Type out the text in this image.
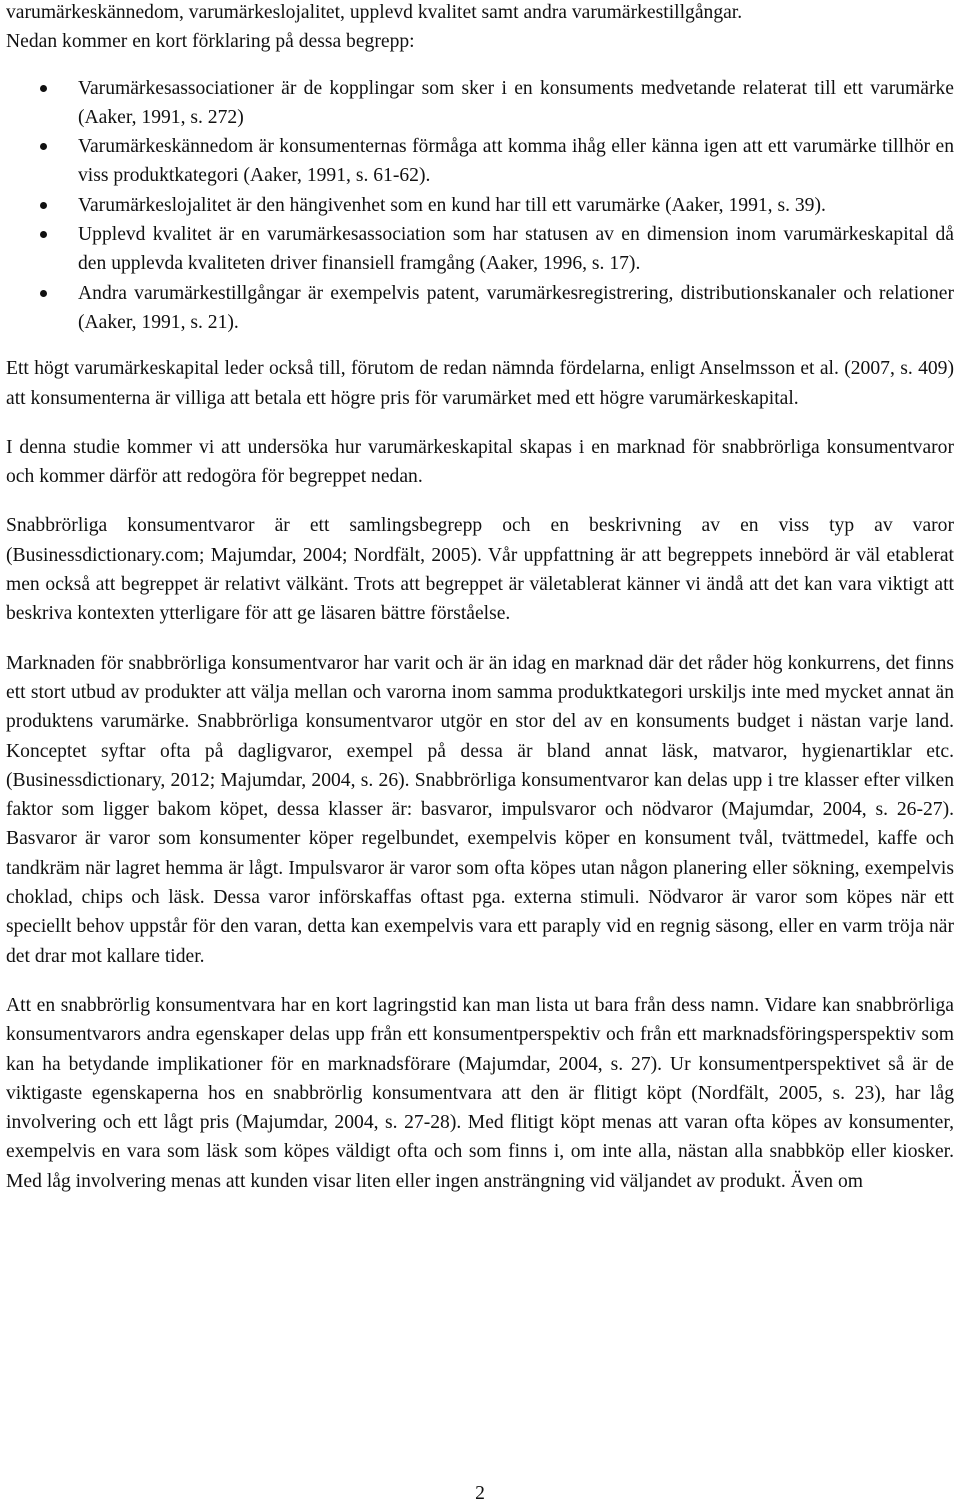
varumärkeskännedom, varumärkeslojalitet, upplevd kvalitet samt andra varumärkestillgångar.

Nedan kommer en kort förklaring på dessa begrepp:

Varumärkesassociationer är de kopplingar som sker i en konsuments medvetande relaterat till ett varumärke (Aaker, 1991, s. 272)
Varumärkeskännedom är konsumenternas förmåga att komma ihåg eller känna igen att ett varumärke tillhör en viss produktkategori (Aaker, 1991, s. 61-62).
Varumärkeslojalitet är den hängivenhet som en kund har till ett varumärke (Aaker, 1991, s. 39).
Upplevd kvalitet är en varumärkesassociation som har statusen av en dimension inom varumärkeskapital då den upplevda kvaliteten driver finansiell framgång (Aaker, 1996, s. 17).
Andra varumärkestillgångar är exempelvis patent, varumärkesregistrering, distributionskanaler och relationer (Aaker, 1991, s. 21).

Ett högt varumärkeskapital leder också till, förutom de redan nämnda fördelarna, enligt Anselmsson et al. (2007, s. 409) att konsumenterna är villiga att betala ett högre pris för varumärket med ett högre varumärkeskapital.

I denna studie kommer vi att undersöka hur varumärkeskapital skapas i en marknad för snabbrörliga konsumentvaror och kommer därför att redogöra för begreppet nedan.

Snabbrörliga konsumentvaror är ett samlingsbegrepp och en beskrivning av en viss typ av varor (Businessdictionary.com; Majumdar, 2004; Nordfält, 2005). Vår uppfattning är att begreppets innebörd är väl etablerat men också att begreppet är relativt välkänt. Trots att begreppet är väletablerat känner vi ändå att det kan vara viktigt att beskriva kontexten ytterligare för att ge läsaren bättre förståelse.

Marknaden för snabbrörliga konsumentvaror har varit och är än idag en marknad där det råder hög konkurrens, det finns ett stort utbud av produkter att välja mellan och varorna inom samma produktkategori urskiljs inte med mycket annat än produktens varumärke. Snabbrörliga konsumentvaror utgör en stor del av en konsuments budget i nästan varje land. Konceptet syftar ofta på dagligvaror, exempel på dessa är bland annat läsk, matvaror, hygienartiklar etc. (Businessdictionary, 2012; Majumdar, 2004, s. 26). Snabbrörliga konsumentvaror kan delas upp i tre klasser efter vilken faktor som ligger bakom köpet, dessa klasser är: basvaror, impulsvaror och nödvaror (Majumdar, 2004, s. 26-27). Basvaror är varor som konsumenter köper regelbundet, exempelvis köper en konsument tvål, tvättmedel, kaffe och tandkräm när lagret hemma är lågt. Impulsvaror är varor som ofta köpes utan någon planering eller sökning, exempelvis choklad, chips och läsk. Dessa varor införskaffas oftast pga. externa stimuli. Nödvaror är varor som köpes när ett speciellt behov uppstår för den varan, detta kan exempelvis vara ett paraply vid en regnig säsong, eller en varm tröja när det drar mot kallare tider.

Att en snabbrörlig konsumentvara har en kort lagringstid kan man lista ut bara från dess namn. Vidare kan snabbrörliga konsumentvarors andra egenskaper delas upp från ett konsumentperspektiv och från ett marknadsföringsperspektiv som kan ha betydande implikationer för en marknadsförare (Majumdar, 2004, s. 27). Ur konsumentperspektivet så är de viktigaste egenskaperna hos en snabbrörlig konsumentvara att den är flitigt köpt (Nordfält, 2005, s. 23), har låg involvering och ett lågt pris (Majumdar, 2004, s. 27-28). Med flitigt köpt menas att varan ofta köpes av konsumenter, exempelvis en vara som läsk som köpes väldigt ofta och som finns i, om inte alla, nästan alla snabbköp eller kiosker. Med låg involvering menas att kunden visar liten eller ingen ansträngning vid väljandet av produkt. Även om

2
